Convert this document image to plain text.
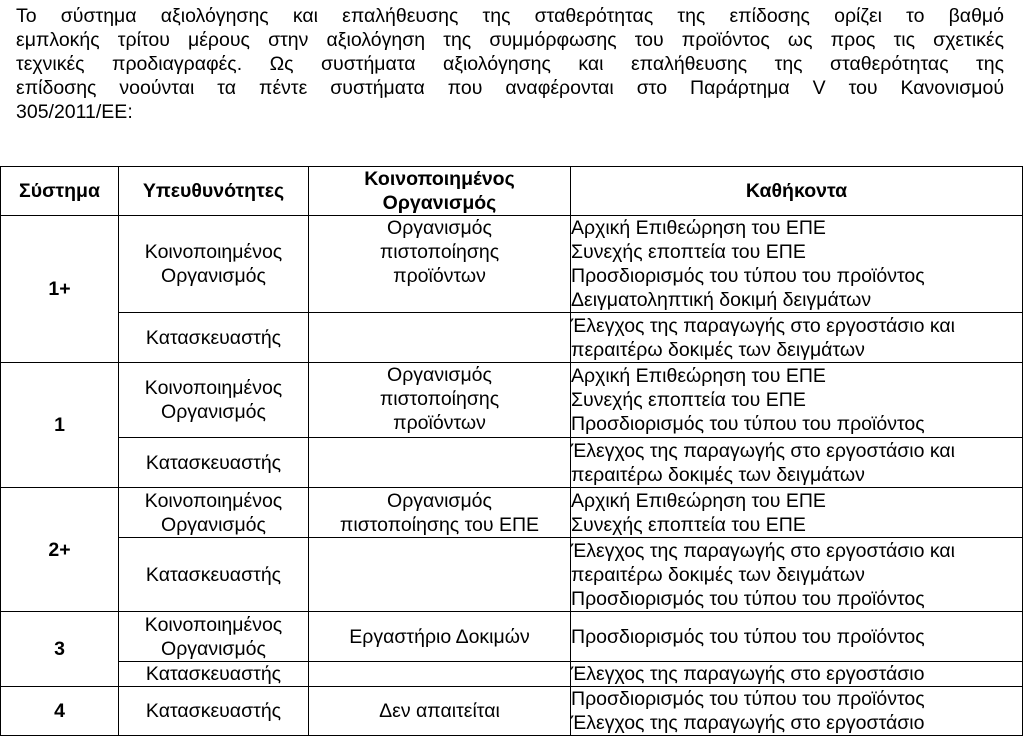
Το σύστημα αξιολόγησης και επαλήθευσης της σταθερότητας της επίδοσης ορίζει το βαθμό
εμπλοκής τρίτου μέρους στην αξιολόγηση της συμμόρφωσης του προϊόντος ως προς τις σχετικές
τεχνικές προδιαγραφές. Ως συστήματα αξιολόγησης και επαλήθευσης της σταθερότητας της
επίδοσης νοούνται τα πέντε συστήματα που αναφέρονται στο Παράρτημα V του Κανονισμού
305/2011/ΕΕ:

Σύστημα	Υπευθυνότητες	Κοινοποιημένος
Οργανισμός	Καθήκοντα
1+	Κοινοποιημένος
Οργανισμός	Οργανισμός
πιστοποίησης
προϊόντων	Αρχική Επιθεώρηση του ΕΠΕ
Συνεχής εποπτεία του ΕΠΕ
Προσδιορισμός του τύπου του προϊόντος
Δειγματοληπτική δοκιμή δειγμάτων

	Κατασκευαστής		Έλεγχος της παραγωγής στο εργοστάσιο και
περαιτέρω δοκιμές των δειγμάτων

1	Κοινοποιημένος
Οργανισμός	Οργανισμός
πιστοποίησης
προϊόντων	Αρχική Επιθεώρηση του ΕΠΕ
Συνεχής εποπτεία του ΕΠΕ
Προσδιορισμός του τύπου του προϊόντος

	Κατασκευαστής		Έλεγχος της παραγωγής στο εργοστάσιο και
περαιτέρω δοκιμές των δειγμάτων

2+	Κοινοποιημένος
Οργανισμός	Οργανισμός
πιστοποίησης του ΕΠΕ	Αρχική Επιθεώρηση του ΕΠΕ
Συνεχής εποπτεία του ΕΠΕ

	Κατασκευαστής		Έλεγχος της παραγωγής στο εργοστάσιο και
περαιτέρω δοκιμές των δειγμάτων
Προσδιορισμός του τύπου του προϊόντος

3	Κοινοποιημένος
Οργανισμός	Εργαστήριο Δοκιμών	Προσδιορισμός του τύπου του προϊόντος

	Κατασκευαστής		Έλεγχος της παραγωγής στο εργοστάσιο

4	Κατασκευαστής	Δεν απαιτείται	Προσδιορισμός του τύπου του προϊόντος
Έλεγχος της παραγωγής στο εργοστάσιο
